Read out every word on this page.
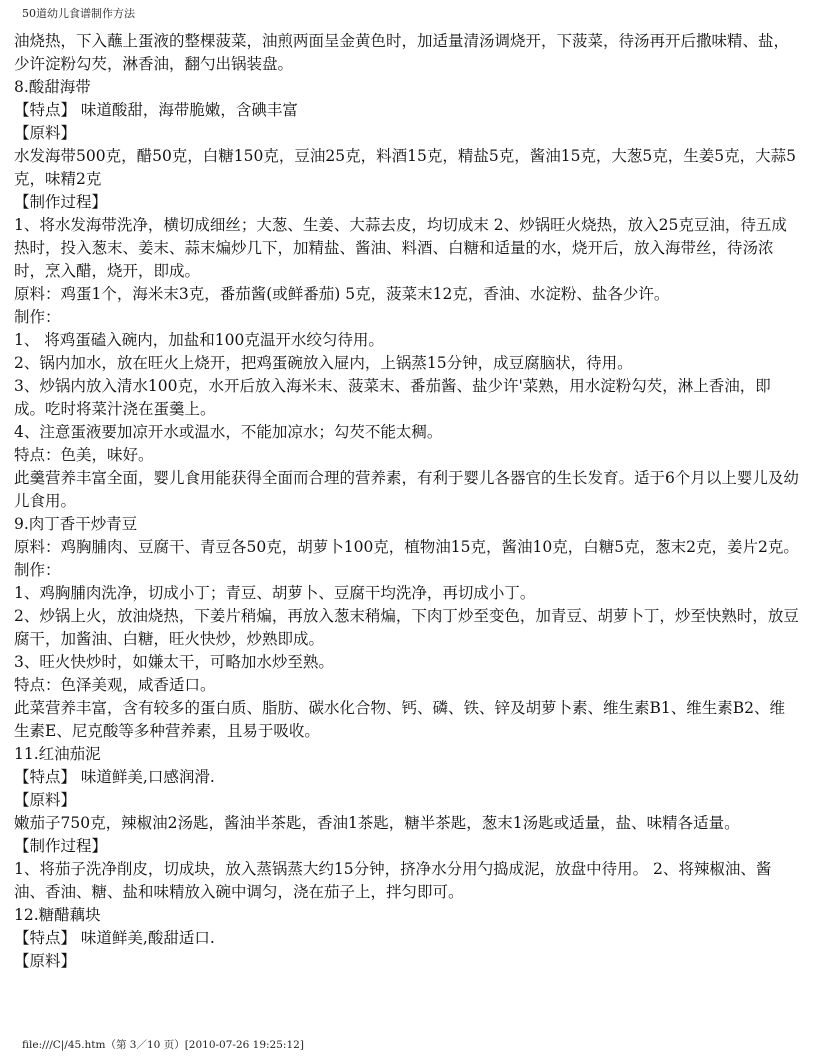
50道幼儿食谱制作方法

油烧热，下入蘸上蛋液的整棵菠菜，油煎两面呈金黄色时，加适量清汤调烧开，下菠菜，待汤再开后撒味精、盐，少许淀粉勾芡，淋香油，翻勺出锅装盘。

8.酸甜海带

【特点】 味道酸甜，海带脆嫩，含碘丰富

【原料】

水发海带500克，醋50克，白糖150克，豆油25克，料酒15克，精盐5克，酱油15克，大葱5克，生姜5克，大蒜5克，味精2克

【制作过程】

1、将水发海带洗净，横切成细丝；大葱、生姜、大蒜去皮，均切成末 2、炒锅旺火烧热，放入25克豆油，待五成热时，投入葱末、姜末、蒜末煸炒几下，加精盐、酱油、料酒、白糖和适量的水，烧开后，放入海带丝，待汤浓时，烹入醋，烧开，即成。

原料：鸡蛋1个，海米末3克，番茄酱(或鲜番茄) 5克，菠菜末12克，香油、水淀粉、盐各少许。

制作：

1、 将鸡蛋磕入碗内，加盐和100克温开水绞匀待用。

2、锅内加水，放在旺火上烧开，把鸡蛋碗放入屉内，上锅蒸15分钟，成豆腐脑状，待用。

3、炒锅内放入清水100克，水开后放入海米末、菠菜末、番茄酱、盐少许'菜熟，用水淀粉勾芡，淋上香油，即成。吃时将菜汁浇在蛋羹上。

4、注意蛋液要加凉开水或温水，不能加凉水；勾芡不能太稠。

特点：色美，味好。

此羹营养丰富全面，婴儿食用能获得全面而合理的营养素，有利于婴儿各器官的生长发育。适于6个月以上婴儿及幼儿食用。

9.肉丁香干炒青豆

原料：鸡胸脯肉、豆腐干、青豆各50克，胡萝卜100克，植物油15克，酱油10克，白糖5克，葱末2克，姜片2克。

制作：

1、鸡胸脯肉洗净，切成小丁；青豆、胡萝卜、豆腐干均洗净，再切成小丁。

2、炒锅上火，放油烧热，下姜片稍煸，再放入葱末稍煸，下肉丁炒至变色，加青豆、胡萝卜丁，炒至快熟时，放豆腐干，加酱油、白糖，旺火快炒，炒熟即成。

3、旺火快炒时，如嫌太干，可略加水炒至熟。

特点：色泽美观，咸香适口。

此菜营养丰富，含有较多的蛋白质、脂肪、碳水化合物、钙、磷、铁、锌及胡萝卜素、维生素B1、维生素B2、维生素E、尼克酸等多种营养素，且易于吸收。

11.红油茄泥

【特点】 味道鲜美,口感润滑.

【原料】

嫩茄子750克，辣椒油2汤匙，酱油半茶匙，香油1茶匙，糖半茶匙，葱末1汤匙或适量，盐、味精各适量。

【制作过程】

1、将茄子洗净削皮，切成块，放入蒸锅蒸大约15分钟，挤净水分用勺捣成泥，放盘中待用。 2、将辣椒油、酱油、香油、糖、盐和味精放入碗中调匀，浇在茄子上，拌匀即可。

12.糖醋藕块

【特点】 味道鲜美,酸甜适口.

【原料】

file:///C|/45.htm（第 3／10 页）[2010-07-26 19:25:12]
